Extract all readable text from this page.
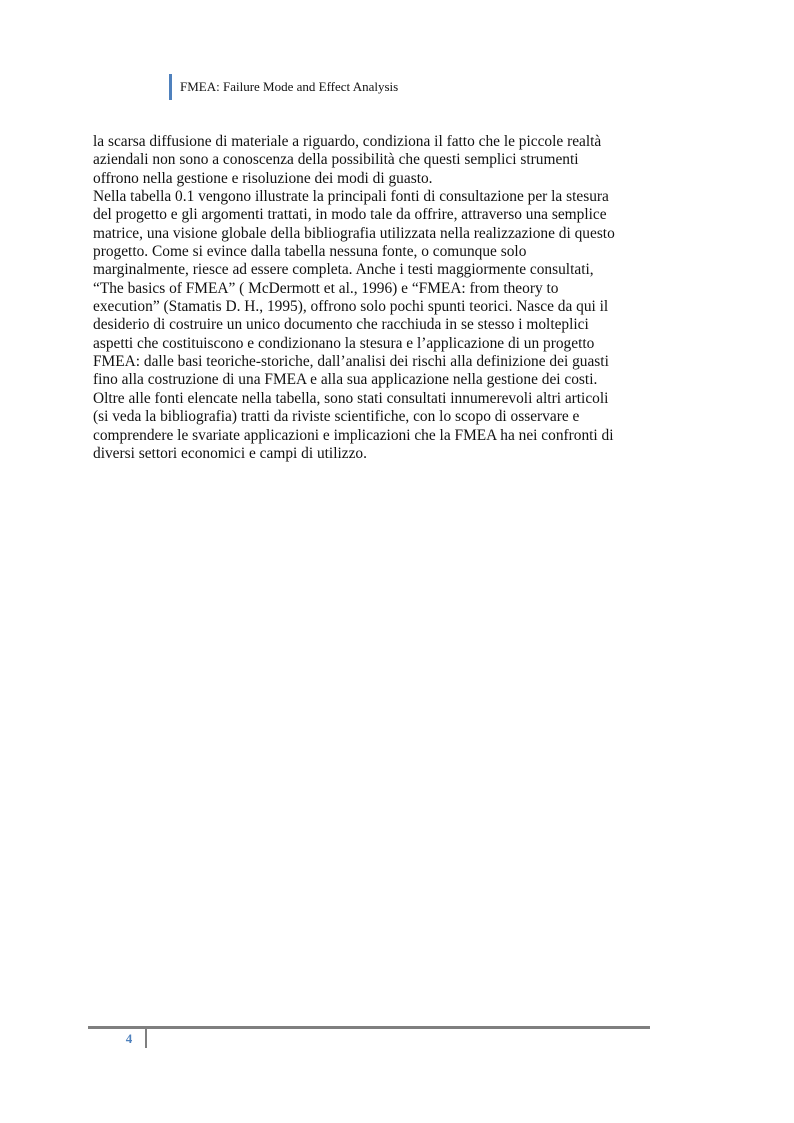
FMEA: Failure Mode and Effect Analysis
la scarsa diffusione di materiale a riguardo, condiziona il fatto che le piccole realtà
aziendali non sono a conoscenza della possibilità che questi semplici strumenti
offrono nella gestione e risoluzione dei modi di guasto.
Nella tabella 0.1 vengono illustrate la principali fonti di consultazione per la stesura
del progetto e gli argomenti trattati, in modo tale da offrire, attraverso una semplice
matrice, una visione globale della bibliografia utilizzata nella realizzazione di questo
progetto. Come si evince dalla tabella nessuna fonte, o comunque solo
marginalmente, riesce ad essere completa. Anche i testi maggiormente consultati,
“The basics of FMEA” ( McDermott et al., 1996) e “FMEA: from theory to
execution” (Stamatis D. H., 1995), offrono solo pochi spunti teorici. Nasce da qui il
desiderio di costruire un unico documento che racchiuda in se stesso i molteplici
aspetti che costituiscono e condizionano la stesura e l’applicazione di un progetto
FMEA: dalle basi teoriche-storiche, dall’analisi dei rischi alla definizione dei guasti
fino alla costruzione di una FMEA e alla sua applicazione nella gestione dei costi.
Oltre alle fonti elencate nella tabella, sono stati consultati innumerevoli altri articoli
(si veda la bibliografia) tratti da riviste scientifiche, con lo scopo di osservare e
comprendere le svariate applicazioni e implicazioni che la FMEA ha nei confronti di
diversi settori economici e campi di utilizzo.
4
